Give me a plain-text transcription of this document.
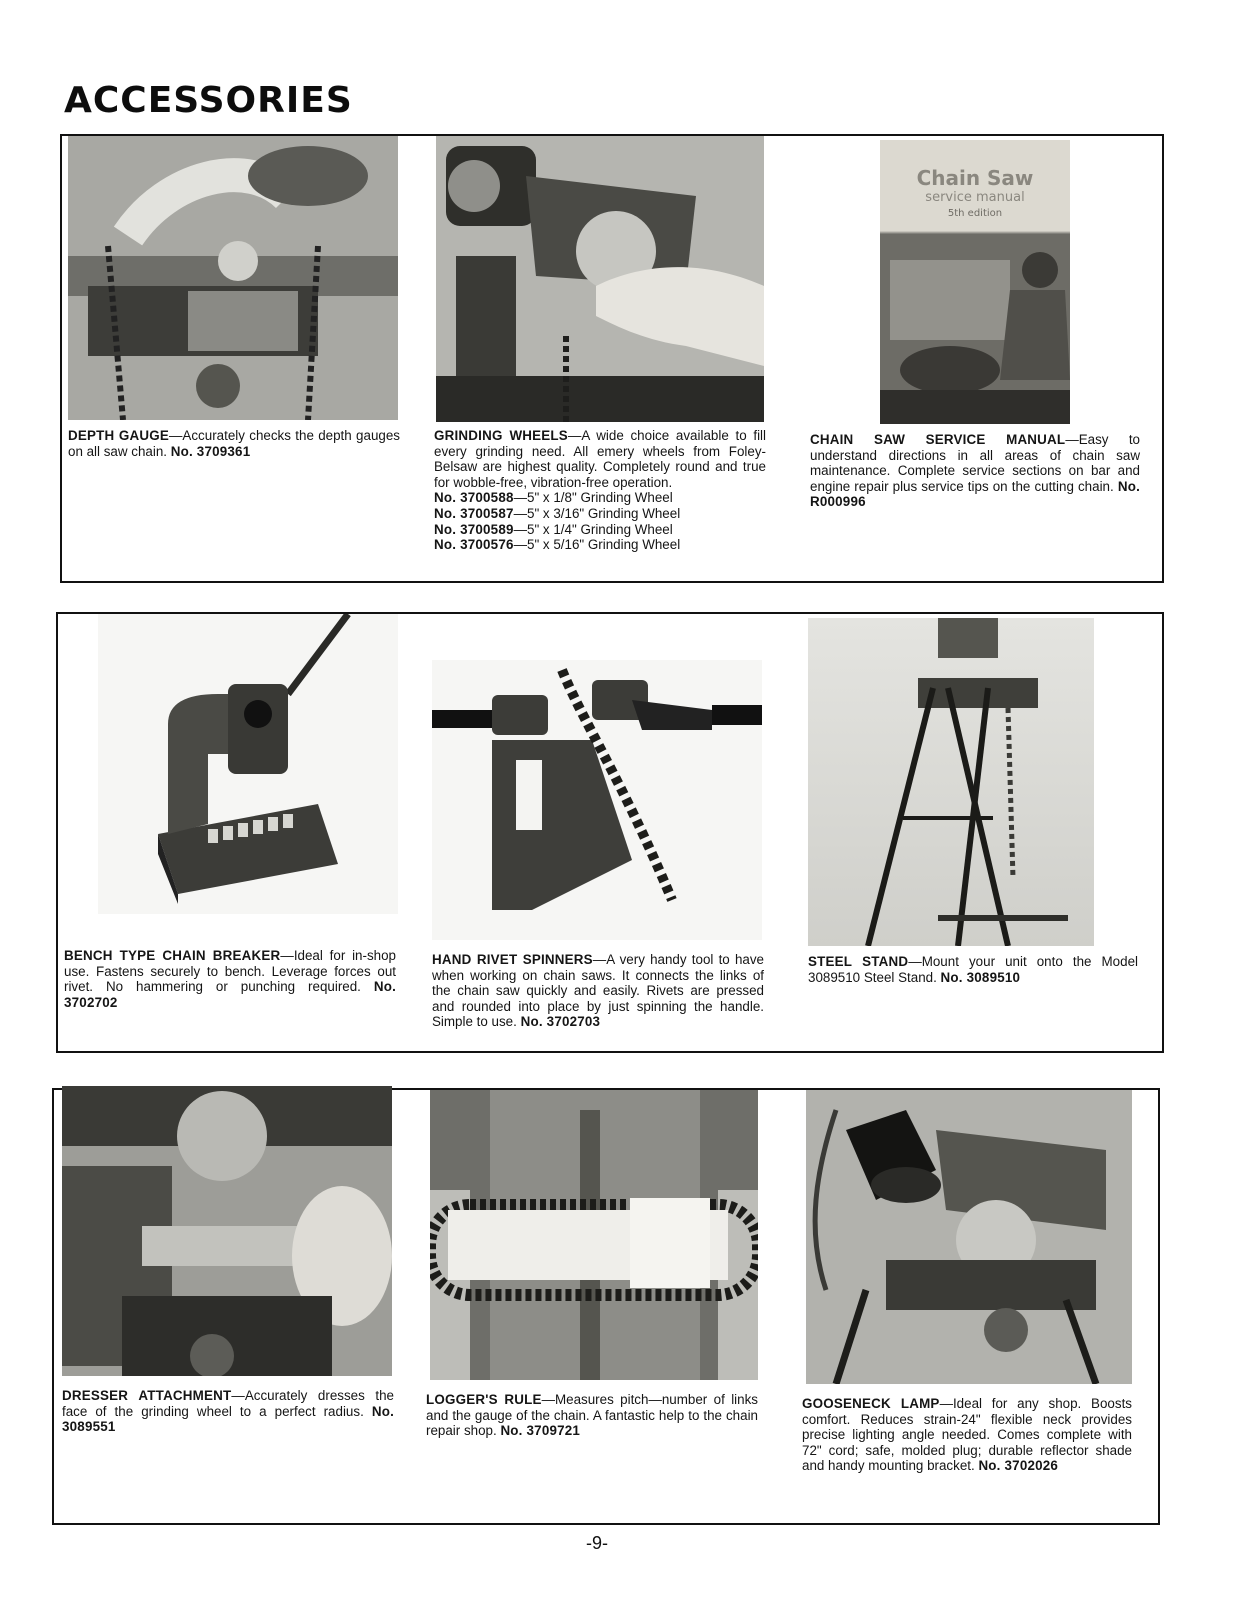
ACCESSORIES
DEPTH GAUGE—Accurately checks the depth gauges on all saw chain. No. 3709361
GRINDING WHEELS—A wide choice available to fill every grinding need. All emery wheels from Foley-Belsaw are highest quality. Completely round and true for wobble-free, vibration-free operation.
No. 3700588—5" x 1/8" Grinding Wheel
No. 3700587—5" x 3/16" Grinding Wheel
No. 3700589—5" x 1/4" Grinding Wheel
No. 3700576—5" x 5/16" Grinding Wheel
Chain Saw
service manual
5th edition
CHAIN SAW SERVICE MANUAL—Easy to understand directions in all areas of chain saw maintenance. Complete service sections on bar and engine repair plus service tips on the cutting chain. No. R000996
BENCH TYPE CHAIN BREAKER—Ideal for in-shop use. Fastens securely to bench. Leverage forces out rivet. No hammering or punching required. No. 3702702
HAND RIVET SPINNERS—A very handy tool to have when working on chain saws. It connects the links of the chain saw quickly and easily. Rivets are pressed and rounded into place by just spinning the handle. Simple to use. No. 3702703
STEEL STAND—Mount your unit onto the Model 3089510 Steel Stand. No. 3089510
DRESSER ATTACHMENT—Accurately dresses the face of the grinding wheel to a perfect radius. No. 3089551
LOGGER'S RULE—Measures pitch—number of links and the gauge of the chain. A fantastic help to the chain repair shop. No. 3709721
GOOSENECK LAMP—Ideal for any shop. Boosts comfort. Reduces strain-24" flexible neck provides precise lighting angle needed. Comes complete with 72" cord; safe, molded plug; durable reflector shade and handy mounting bracket. No. 3702026
-9-
